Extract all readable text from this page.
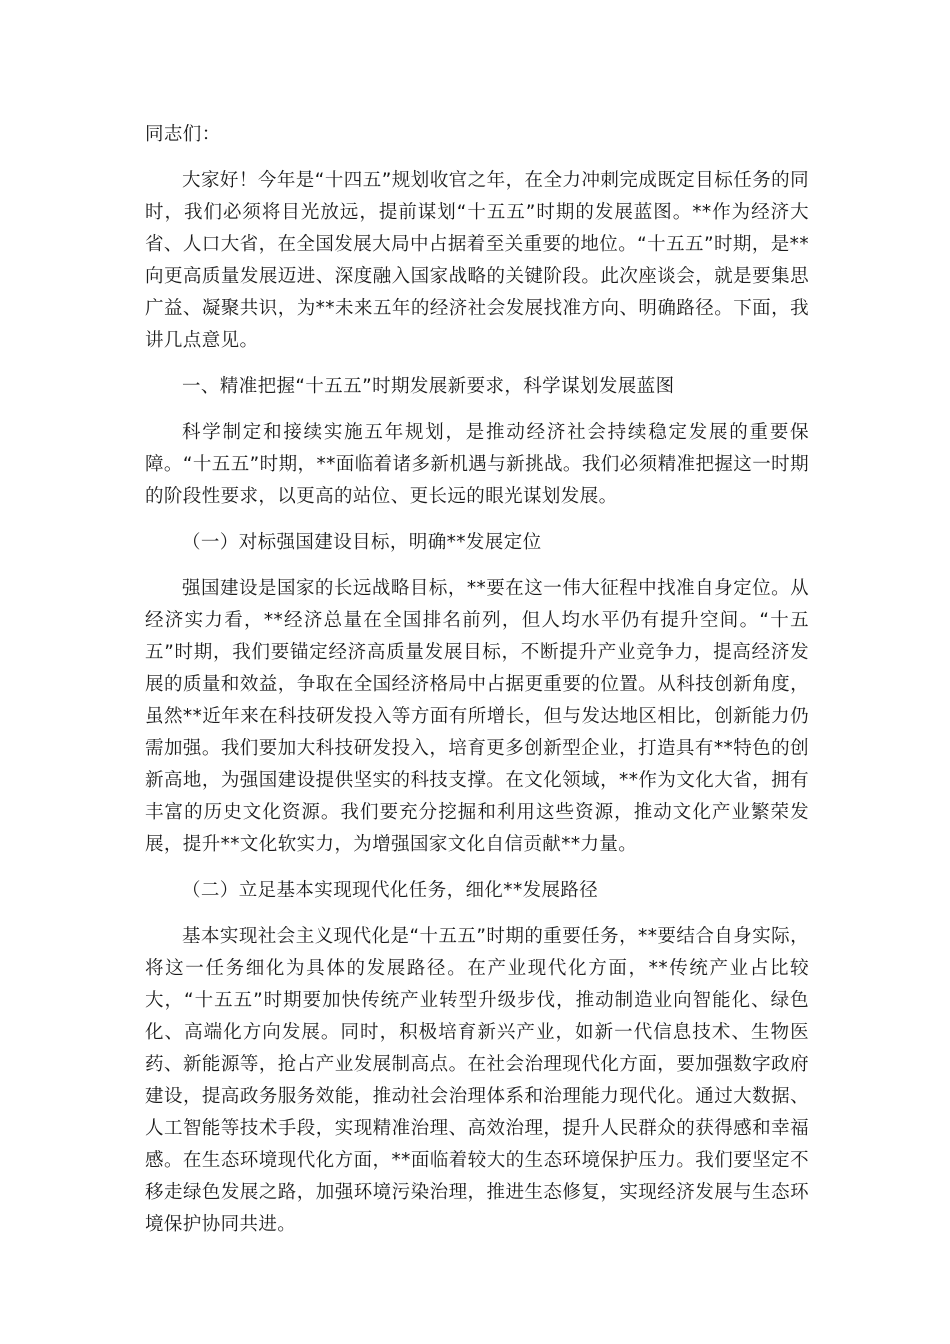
同志们：

大家好！今年是“十四五”规划收官之年，在全力冲刺完成既定目标任务的同时，我们必须将目光放远，提前谋划“十五五”时期的发展蓝图。**作为经济大省、人口大省，在全国发展大局中占据着至关重要的地位。“十五五”时期，是**向更高质量发展迈进、深度融入国家战略的关键阶段。此次座谈会，就是要集思广益、凝聚共识，为**未来五年的经济社会发展找准方向、明确路径。下面，我讲几点意见。

一、精准把握“十五五”时期发展新要求，科学谋划发展蓝图

科学制定和接续实施五年规划，是推动经济社会持续稳定发展的重要保障。“十五五”时期，**面临着诸多新机遇与新挑战。我们必须精准把握这一时期的阶段性要求，以更高的站位、更长远的眼光谋划发展。

（一）对标强国建设目标，明确**发展定位

强国建设是国家的长远战略目标，**要在这一伟大征程中找准自身定位。从经济实力看，**经济总量在全国排名前列，但人均水平仍有提升空间。“十五五”时期，我们要锚定经济高质量发展目标，不断提升产业竞争力，提高经济发展的质量和效益，争取在全国经济格局中占据更重要的位置。从科技创新角度，虽然**近年来在科技研发投入等方面有所增长，但与发达地区相比，创新能力仍需加强。我们要加大科技研发投入，培育更多创新型企业，打造具有**特色的创新高地，为强国建设提供坚实的科技支撑。在文化领域，**作为文化大省，拥有丰富的历史文化资源。我们要充分挖掘和利用这些资源，推动文化产业繁荣发展，提升**文化软实力，为增强国家文化自信贡献**力量。

（二）立足基本实现现代化任务，细化**发展路径

基本实现社会主义现代化是“十五五”时期的重要任务，**要结合自身实际，将这一任务细化为具体的发展路径。在产业现代化方面，**传统产业占比较大，“十五五”时期要加快传统产业转型升级步伐，推动制造业向智能化、绿色化、高端化方向发展。同时，积极培育新兴产业，如新一代信息技术、生物医药、新能源等，抢占产业发展制高点。在社会治理现代化方面，要加强数字政府建设，提高政务服务效能，推动社会治理体系和治理能力现代化。通过大数据、人工智能等技术手段，实现精准治理、高效治理，提升人民群众的获得感和幸福感。在生态环境现代化方面，**面临着较大的生态环境保护压力。我们要坚定不移走绿色发展之路，加强环境污染治理，推进生态修复，实现经济发展与生态环境保护协同共进。
